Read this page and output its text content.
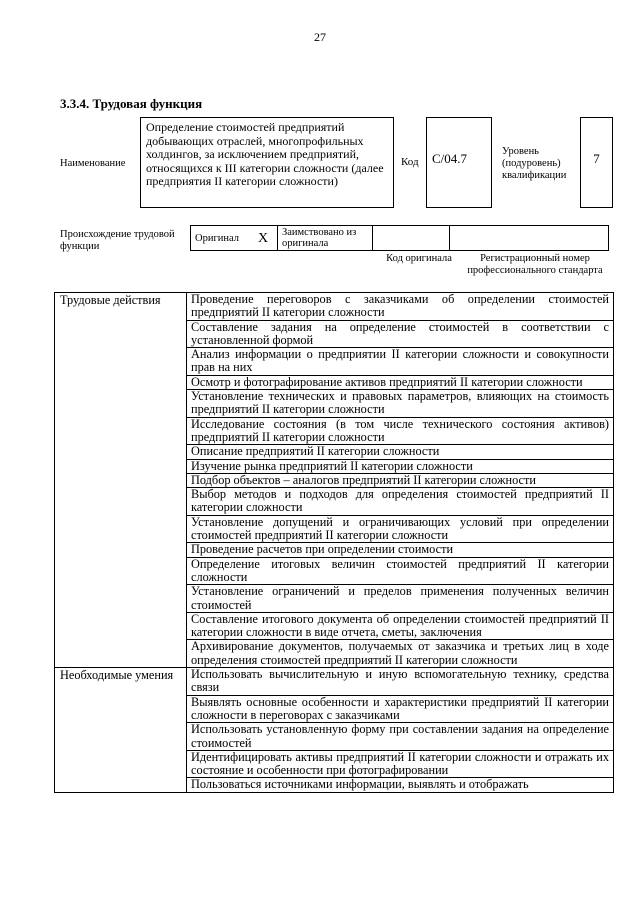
27
3.3.4. Трудовая функция
Наименование
Определение стоимостей предприятий добывающих отраслей, многопрофильных холдингов, за исключением предприятий, относящихся к III категории сложности (далее предприятия II категории сложности)
Код	C/04.7	Уровень (подуровень) квалификации
7
Происхождение трудовой функции
Оригинал	X	Заимствовано из оригинала		
Код оригинала	Регистрационный номер профессионального стандарта
Трудовые действия	Проведение переговоров с заказчиками об определении стоимостей предприятий II категории сложности
	Составление задания на определение стоимостей в соответствии с установленной формой
	Анализ информации о предприятии II категории сложности и совокупности прав на них
	Осмотр и фотографирование активов предприятий II категории сложности
	Установление технических и правовых параметров, влияющих на стоимость предприятий II категории сложности
	Исследование состояния (в том числе технического состояния активов) предприятий II категории сложности
	Описание предприятий II категории сложности
	Изучение рынка предприятий II категории сложности
	Подбор объектов – аналогов предприятий II категории сложности
	Выбор методов и подходов для определения стоимостей предприятий II категории сложности
	Установление допущений и ограничивающих условий при определении стоимостей предприятий II категории сложности
	Проведение расчетов при определении стоимости
	Определение итоговых величин стоимостей предприятий II категории сложности
	Установление ограничений и пределов применения полученных величин стоимостей
	Составление итогового документа об определении стоимостей предприятий II категории сложности в виде отчета, сметы, заключения
	Архивирование документов, получаемых от заказчика и третьих лиц в ходе определения стоимостей предприятий II категории сложности
Необходимые умения	Использовать вычислительную и иную вспомогательную технику, средства связи
	Выявлять основные особенности и характеристики предприятий II категории сложности в переговорах с заказчиками
	Использовать установленную форму при составлении задания на определение стоимостей
	Идентифицировать активы предприятий II категории сложности и отражать их состояние и особенности при фотографировании
	Пользоваться источниками информации, выявлять и отображать
